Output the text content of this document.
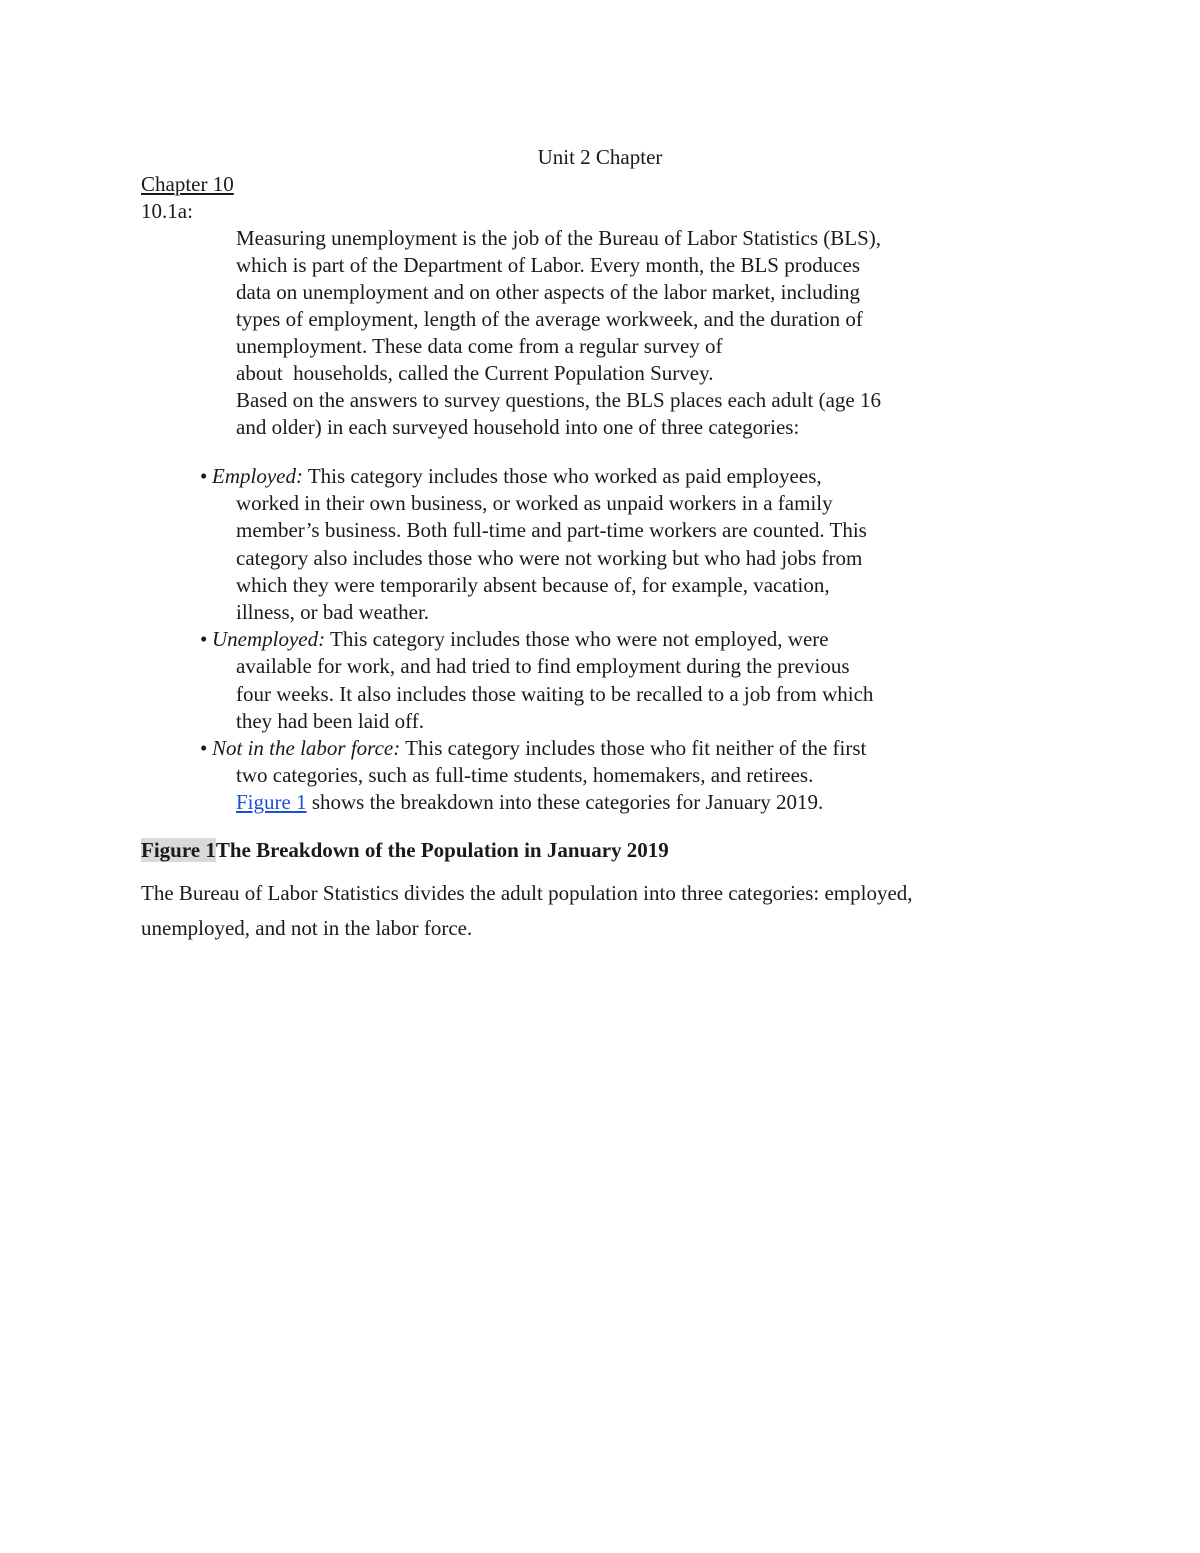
Unit 2 Chapter
Chapter 10
10.1a:
Measuring unemployment is the job of the Bureau of Labor Statistics (BLS),
which is part of the Department of Labor. Every month, the BLS produces
data on unemployment and on other aspects of the labor market, including
types of employment, length of the average workweek, and the duration of
unemployment. These data come from a regular survey of
about  households, called the Current Population Survey.
Based on the answers to survey questions, the BLS places each adult (age 16
and older) in each surveyed household into one of three categories:
• Employed: This category includes those who worked as paid employees,
worked in their own business, or worked as unpaid workers in a family
member’s business. Both full-time and part-time workers are counted. This
category also includes those who were not working but who had jobs from
which they were temporarily absent because of, for example, vacation,
illness, or bad weather.
• Unemployed: This category includes those who were not employed, were
available for work, and had tried to find employment during the previous
four weeks. It also includes those waiting to be recalled to a job from which
they had been laid off.
• Not in the labor force: This category includes those who fit neither of the first
two categories, such as full-time students, homemakers, and retirees.
Figure 1 shows the breakdown into these categories for January 2019.
Figure 1The Breakdown of the Population in January 2019
The Bureau of Labor Statistics divides the adult population into three categories: employed,
unemployed, and not in the labor force.
